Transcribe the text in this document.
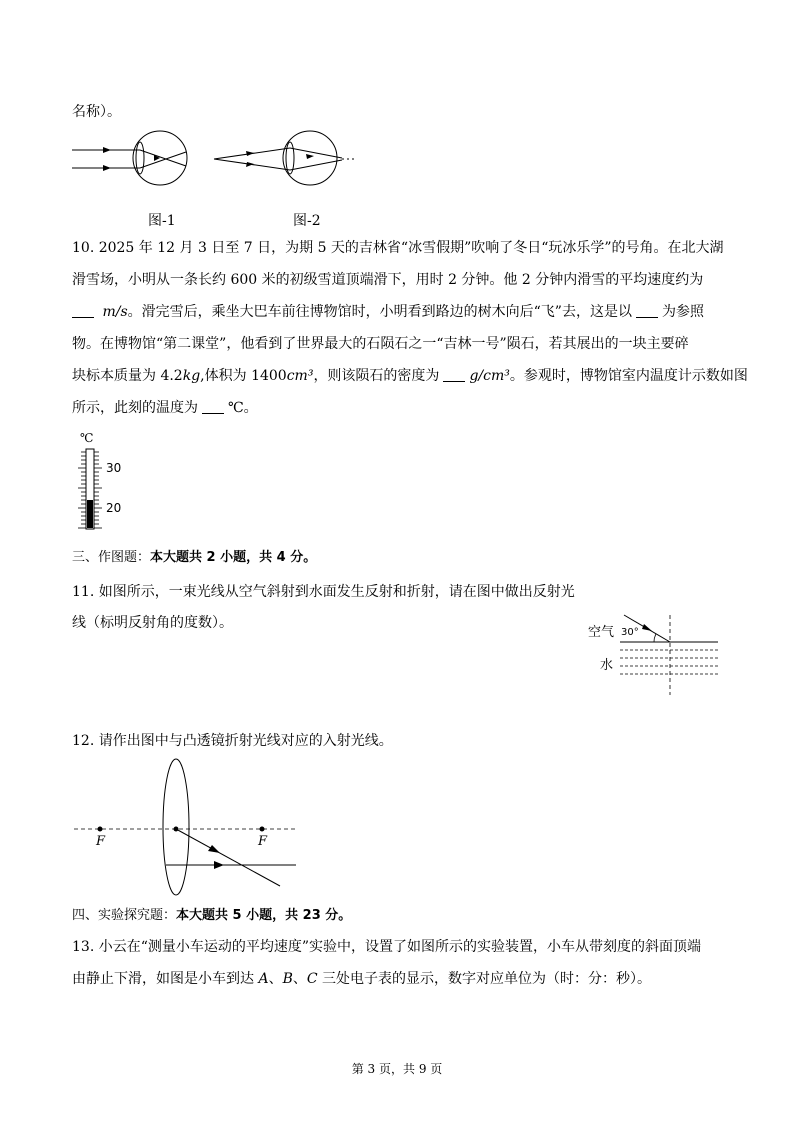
名称）。
图-1	图-2
10. 2025 年 12 月 3 日至 7 日，为期 5 天的吉林省“冰雪假期”吹响了冬日“玩冰乐学”的号角。在北大湖
滑雪场，小明从一条长约 600 米的初级雪道顶端滑下，用时 2 分钟。他 2 分钟内滑雪的平均速度约为
m/s。滑完雪后，乘坐大巴车前往博物馆时，小明看到路边的树木向后“飞”去，这是以 为参照
物。在博物馆“第二课堂”，他看到了世界最大的石陨石之一“吉林一号”陨石，若其展出的一块主要碎
块标本质量为 4.2kg,体积为 1400cm³，则该陨石的密度为 g/cm³。参观时，博物馆室内温度计示数如图
所示，此刻的温度为 ℃。
℃
30
20
三、作图题：本大题共 2 小题，共 4 分。
11. 如图所示，一束光线从空气斜射到水面发生反射和折射，请在图中做出反射光
线（标明反射角的度数）。
空气 30°
水
12. 请作出图中与凸透镜折射光线对应的入射光线。
F	F
四、实验探究题：本大题共 5 小题，共 23 分。
13. 小云在“测量小车运动的平均速度”实验中，设置了如图所示的实验装置，小车从带刻度的斜面顶端
由静止下滑，如图是小车到达 A、B、C 三处电子表的显示，数字对应单位为（时：分：秒）。
第 3 页，共 9 页
